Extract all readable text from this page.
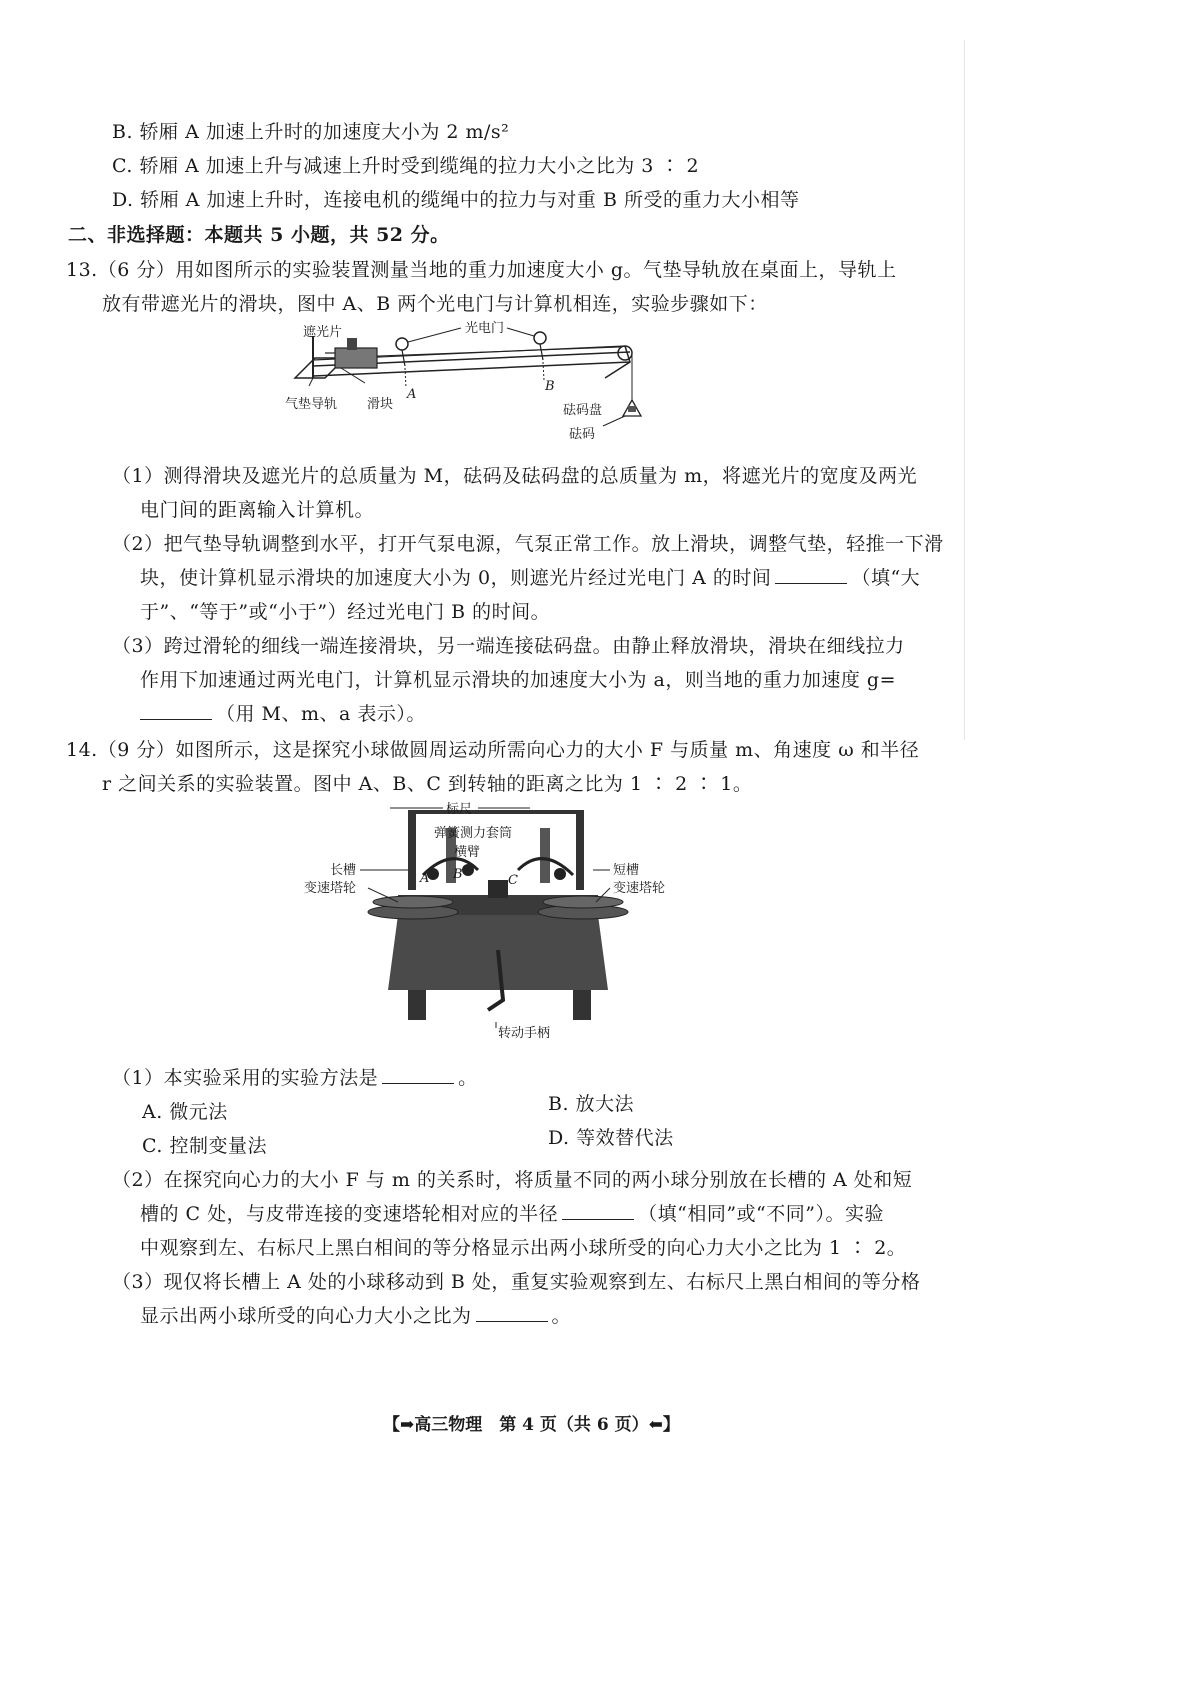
B. 轿厢 A 加速上升时的加速度大小为 2 m/s²
C. 轿厢 A 加速上升与减速上升时受到缆绳的拉力大小之比为 3 ∶ 2
D. 轿厢 A 加速上升时，连接电机的缆绳中的拉力与对重 B 所受的重力大小相等
二、非选择题：本题共 5 小题，共 52 分。
13.（6 分）用如图所示的实验装置测量当地的重力加速度大小 g。气垫导轨放在桌面上，导轨上
放有带遮光片的滑块，图中 A、B 两个光电门与计算机相连，实验步骤如下：
遮光片	光电门
气垫导轨 滑块
A
B
砝码盘
砝码
（1）测得滑块及遮光片的总质量为 M，砝码及砝码盘的总质量为 m，将遮光片的宽度及两光
电门间的距离输入计算机。
（2）把气垫导轨调整到水平，打开气泵电源，气泵正常工作。放上滑块，调整气垫，轻推一下滑
块，使计算机显示滑块的加速度大小为 0，则遮光片经过光电门 A 的时间	（填“大
于”、“等于”或“小于”）经过光电门 B 的时间。
（3）跨过滑轮的细线一端连接滑块，另一端连接砝码盘。由静止释放滑块，滑块在细线拉力
作用下加速通过两光电门，计算机显示滑块的加速度大小为 a，则当地的重力加速度 g=
（用 M、m、a 表示）。
14.（9 分）如图所示，这是探究小球做圆周运动所需向心力的大小 F 与质量 m、角速度 ω 和半径
r 之间关系的实验装置。图中 A、B、C 到转轴的距离之比为 1 ∶ 2 ∶ 1。
标尺
弹簧测力套筒
横臂
A B	C
长槽
变速塔轮
短槽
变速塔轮
转动手柄
（1）本实验采用的实验方法是	。
A. 微元法	B. 放大法
C. 控制变量法	D. 等效替代法
（2）在探究向心力的大小 F 与 m 的关系时，将质量不同的两小球分别放在长槽的 A 处和短
槽的 C 处，与皮带连接的变速塔轮相对应的半径	（填“相同”或“不同”）。实验
中观察到左、右标尺上黑白相间的等分格显示出两小球所受的向心力大小之比为 1 ∶ 2。
（3）现仅将长槽上 A 处的小球移动到 B 处，重复实验观察到左、右标尺上黑白相间的等分格
显示出两小球所受的向心力大小之比为	。
【➡高三物理　第 4 页（共 6 页）⬅】
